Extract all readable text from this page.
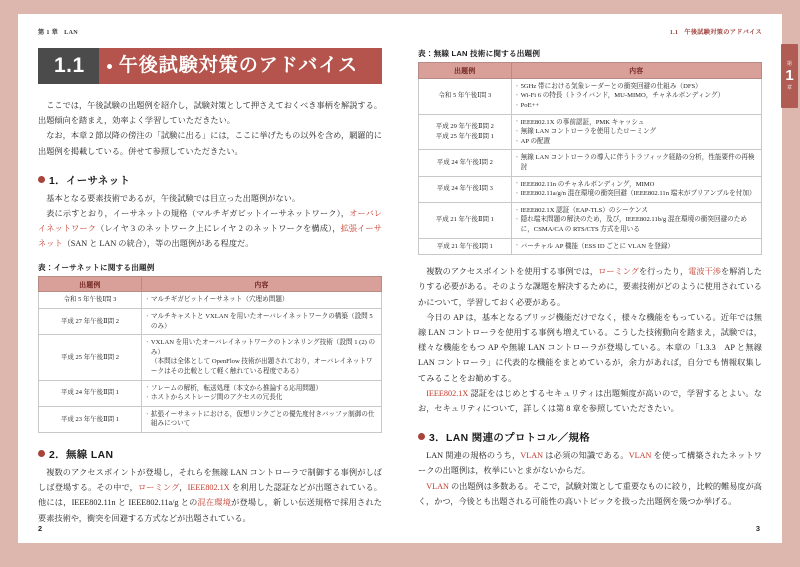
第 1 章 LAN
1.1	午後試験対策のアドバイス

ここでは，午後試験の出題例を紹介し，試験対策として押さえておくべき事柄を解説する。出題傾向を踏まえ，効率よく学習していただきたい。

なお，本章 2 節以降の傍注の「試験に出る」には，ここに挙げたもの以外を含め，網羅的に出題例を掲載している。併せて参照していただきたい。

1．イーサネット

基本となる要素技術であるが，午後試験では目立った出題例がない。

表に示すとおり，イーサネットの規格（マルチギガビットイーサネットワーク），オーバレイネットワーク（レイヤ 3 のネットワーク上にレイヤ 2 のネットワークを構成），拡張イーサネット（SAN と LAN の統合），等の出題例がある程度だ。

表：イーサネットに関する出題例
出題例	内容
令和 5 年午後Ⅰ問 3	
∙マルチギガビットイーサネット（穴埋め問題）

平成 27 年午後Ⅱ問 2	
∙ マルチキャストと VXLAN を用いたオーバレイネットワークの構築（設問 5 のみ）

平成 25 年午後Ⅱ問 2	
∙ VXLAN を用いたオーバレイネットワークのトンネリング技術（設問 1 (2) のみ）
（本問は全体として OpenFlow 技術が出題されており，オーバレイネットワークはその比較として軽く触れている程度である）

平成 24 年午後Ⅱ問 1	
∙ フレームの解析，転送処理（本文から推論する応用問題）
∙ ホストからストレージ間のアクセスの冗長化

平成 23 年午後Ⅱ問 1	
∙ 拡張イーサネットにおける，仮想リンクごとの優先度付きバッファ制御の仕組みについて
2．無線 LAN

複数のアクセスポイントが登場し，それらを無線 LAN コントローラで制御する事例がしばしば登場する。その中で，ローミング，IEEE802.1X を利用した認証などが出題されている。他には，IEEE802.11n と IEEE802.11a/g との混在環境が登場し，新しい伝送規格で採用された要素技術や，衝突を回避する方式などが出題されている。

2
1.1 午後試験対策のアドバイス
第
1
章
表：無線 LAN 技術に関する出題例
出題例	内容
令和 5 年午後Ⅰ問 3	
∙ 5GHz 帯における気象レーダーとの衝突回避の仕組み（DFS）
∙ Wi-Fi 6 の特長（トライバンド，MU-MIMO，チャネルボンディング）
∙ PoE++

平成 29 年午後Ⅱ問 2
平成 25 年午後Ⅱ問 1	
∙ IEEE802.1X の事前認証，PMK キャッシュ
∙ 無線 LAN コントローラを使用したローミング
∙ AP の配置

平成 24 年午後Ⅰ問 2	
∙ 無線 LAN コントローラの導入に伴うトラフィック経路の分析，性能要件の再検討

平成 24 年午後Ⅰ問 3	
∙ IEEE802.11n のチャネルボンディング，MIMO
∙ IEEE802.11a/g/n 混在環境の衝突回避（IEEE802.11n 端末がプリアンブルを付加）

平成 21 年午後Ⅱ問 1	
∙ IEEE802.1X 認証（EAP-TLS）のシーケンス
∙ 隠れ端末問題の解決のため，及び，IEEE802.11b/g 混在環境の衝突回避のために，CSMA/CA の RTS/CTS 方式を用いる

平成 21 年午後Ⅰ問 1	
∙バーチャル AP 機能（ESS ID ごとに VLAN を登録）

複数のアクセスポイントを使用する事例では，ローミングを行ったり，電波干渉を解消したりする必要がある。そのような課題を解決するために，要素技術がどのように使用されているかについて，学習しておく必要がある。

今日の AP は，基本となるブリッジ機能だけでなく，様々な機能をもっている。近年では無線 LAN コントローラを使用する事例も増えている。こうした技術動向を踏まえ，試験では，様々な機能をもつ AP や無線 LAN コントローラが登場している。本章の「1.3.3　AP と無線 LAN コントローラ」に代表的な機能をまとめているが，余力があれば，自分でも情報収集してみることをお勧めする。

IEEE802.1X 認証をはじめとするセキュリティは出題頻度が高いので，学習するとよい。なお，セキュリティについて，詳しくは第 8 章を参照していただきたい。

3．LAN 関連のプロトコル／規格

LAN 関連の規格のうち，VLAN は必須の知識である。VLAN を使って構築されたネットワークの出題例は，枚挙にいとまがないからだ。

VLAN の出題例は多数ある。そこで，試験対策として重要なものに絞り，比較的難易度が高く，かつ，今後とも出題される可能性の高いトピックを扱った出題例を幾つか挙げる。

3
